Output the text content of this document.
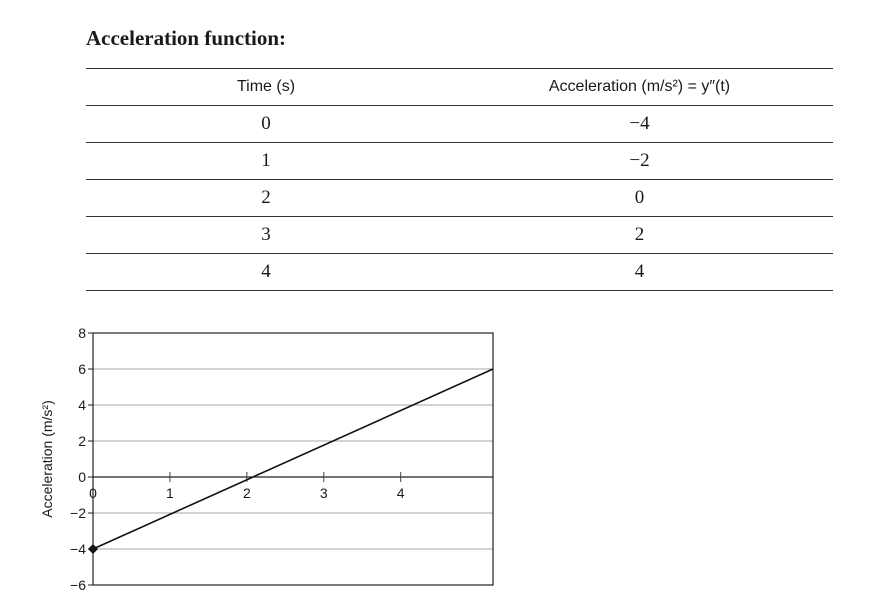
Acceleration function:
Time (s)	Acceleration (m/s²) = y″(t)
0	−4
1	−2
2	0
3	2
4	4
−6
−4
−2
0
2
4
6
8
0	1	2	3	4
Acceleration (m/s²)
